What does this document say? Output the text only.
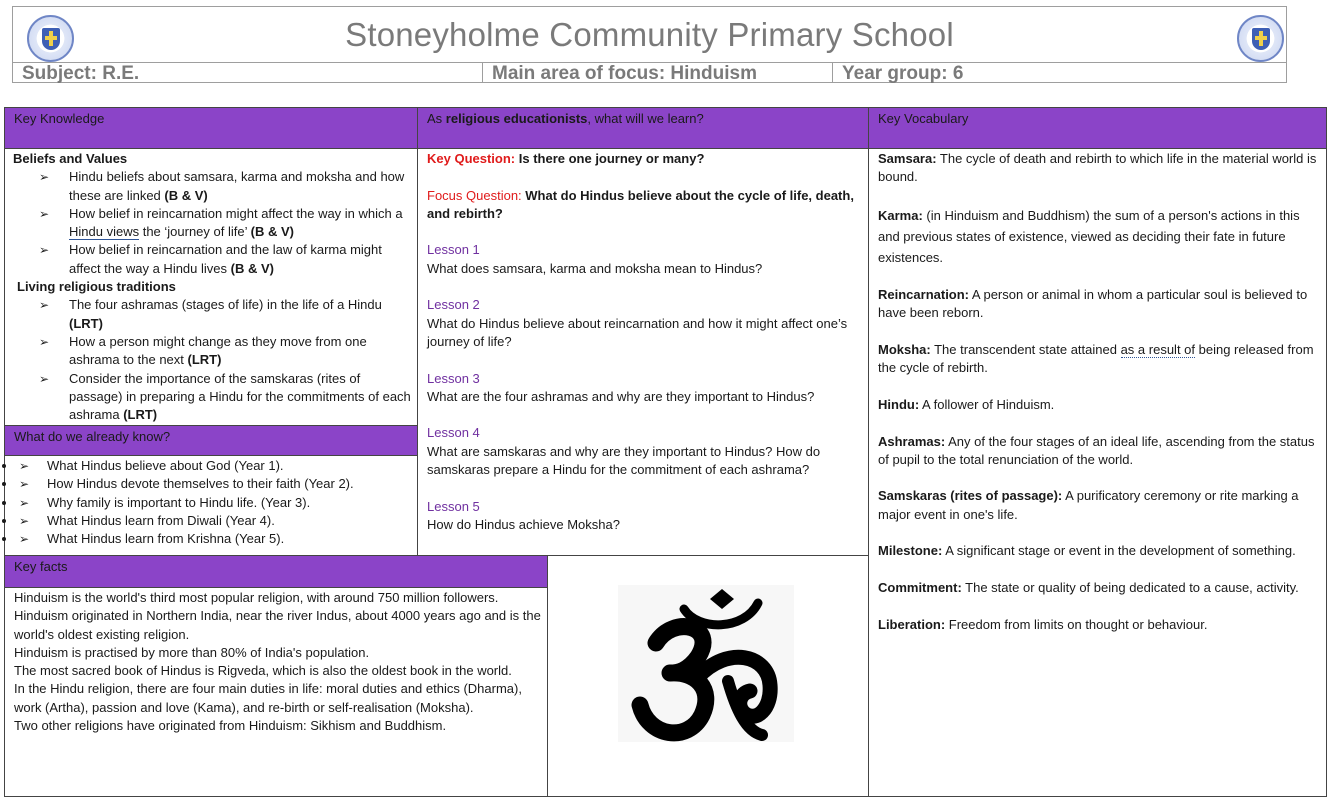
Stoneyholme Community Primary School
Subject: R.E.	Main area of focus: Hinduism	Year group: 6
Key Knowledge	As religious educationists, what will we learn?	Key Vocabulary
Beliefs and Values
➢ Hindu beliefs about samsara, karma and moksha and how these are linked (B & V)
➢ How belief in reincarnation might affect the way in which a Hindu views the ‘journey of life’ (B & V)
➢ How belief in reincarnation and the law of karma might affect the way a Hindu lives (B & V)
Living religious traditions
➢ The four ashramas (stages of life) in the life of a Hindu (LRT)
➢ How a person might change as they move from one ashrama to the next (LRT)
➢ Consider the importance of the samskaras (rites of passage) in preparing a Hindu for the commitments of each ashrama (LRT)
What do we already know?
• ➢ What Hindus believe about God (Year 1).
• ➢ How Hindus devote themselves to their faith (Year 2).
• ➢ Why family is important to Hindu life. (Year 3).
• ➢ What Hindus learn from Diwali (Year 4).
• ➢ What Hindus learn from Krishna (Year 5).
Key Question: Is there one journey or many?
Focus Question: What do Hindus believe about the cycle of life, death, and rebirth?
Lesson 1
What does samsara, karma and moksha mean to Hindus?
Lesson 2
What do Hindus believe about reincarnation and how it might affect one’s journey of life?
Lesson 3
What are the four ashramas and why are they important to Hindus?
Lesson 4
What are samskaras and why are they important to Hindus? How do samskaras prepare a Hindu for the commitment of each ashrama?
Lesson 5
How do Hindus achieve Moksha?

Samsara: The cycle of death and rebirth to which life in the material world is bound.

Karma: (in Hinduism and Buddhism) the sum of a person's actions in this and previous states of existence, viewed as deciding their fate in future existences.

Reincarnation: A person or animal in whom a particular soul is believed to have been reborn.

Moksha: The transcendent state attained as a result of being released from the cycle of rebirth.

Hindu: A follower of Hinduism.

Ashramas: Any of the four stages of an ideal life, ascending from the status of pupil to the total renunciation of the world.

Samskaras (rites of passage): A purificatory ceremony or rite marking a major event in one's life.

Milestone: A significant stage or event in the development of something.

Commitment: The state or quality of being dedicated to a cause, activity.

Liberation: Freedom from limits on thought or behaviour.

Key facts
Hinduism is the world's third most popular religion, with around 750 million followers.
Hinduism originated in Northern India, near the river Indus, about 4000 years ago and is the world's oldest existing religion.
Hinduism is practised by more than 80% of India's population.
The most sacred book of Hindus is Rigveda, which is also the oldest book in the world.
In the Hindu religion, there are four main duties in life: moral duties and ethics (Dharma), work (Artha), passion and love (Kama), and re-birth or self-realisation (Moksha).
Two other religions have originated from Hinduism: Sikhism and Buddhism.
